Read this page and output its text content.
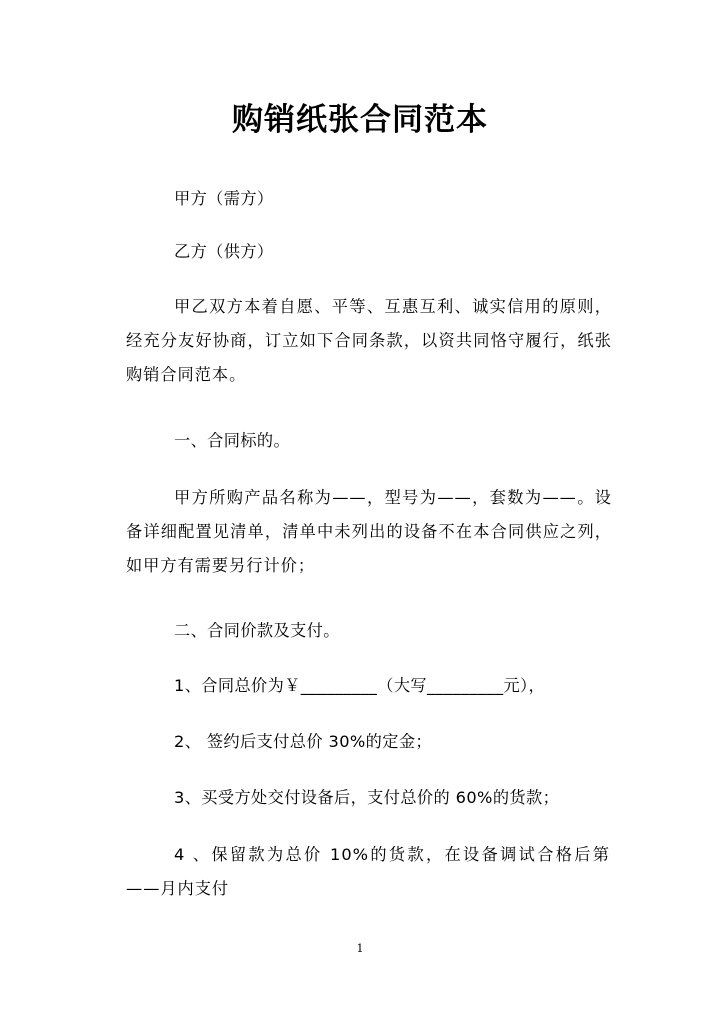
购销纸张合同范本
甲方（需方）
乙方（供方）
甲乙双方本着自愿、平等、互惠互利、诚实信用的原则，经充分友好协商，订立如下合同条款，以资共同恪守履行，纸张购销合同范本。
一、合同标的。
甲方所购产品名称为——，型号为——，套数为——。设备详细配置见清单，清单中未列出的设备不在本合同供应之列，如甲方有需要另行计价；
二、合同价款及支付。
1、合同总价为￥_________（大写_________元），
2、 签约后支付总价 30%的定金；
3、买受方处交付设备后，支付总价的 60%的货款；
4 、保留款为总价 10%的货款，在设备调试合格后第 ——月内支付
1
